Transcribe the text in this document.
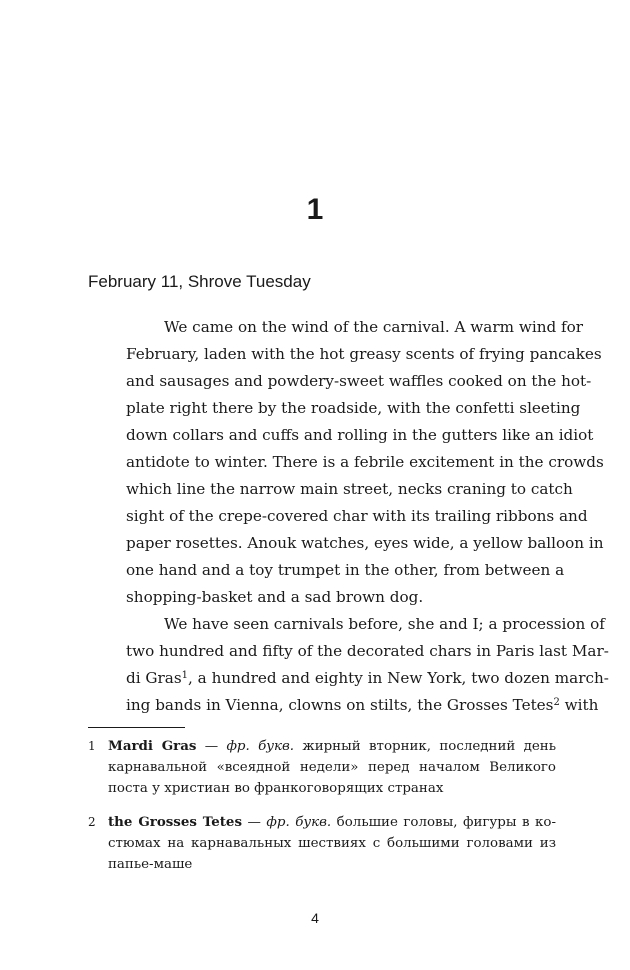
1
February 11, Shrove Tuesday
We came on the wind of the carnival. A warm wind for
February, laden with the hot greasy scents of frying pancakes
and sausages and powdery-sweet waffles cooked on the hot-
plate right there by the roadside, with the confetti sleeting
down collars and cuffs and rolling in the gutters like an idiot
antidote to winter. There is a febrile excitement in the crowds
which line the narrow main street, necks craning to catch
sight of the crepe-covered char with its trailing ribbons and
paper rosettes. Anouk watches, eyes wide, a yellow balloon in
one hand and a toy trumpet in the other, from between a
shopping-basket and a sad brown dog.
We have seen carnivals before, she and I; a procession of
two hundred and fifty of the decorated chars in Paris last Mar-
di Gras$^1$, a hundred and eighty in New York, two dozen march-
ing bands in Vienna, clowns on stilts, the Grosses Tetes$^2$ with
1 Mardi Gras — фр. букв. жирный вторник, последний день
карнавальной «всеядной недели» перед началом Великого
поста у христиан во франкоговорящих странах
2 the Grosses Tetes — фр. букв. большие головы, фигуры в ко-
стюмах на карнавальных шествиях с большими головами из
папье-маше
4
